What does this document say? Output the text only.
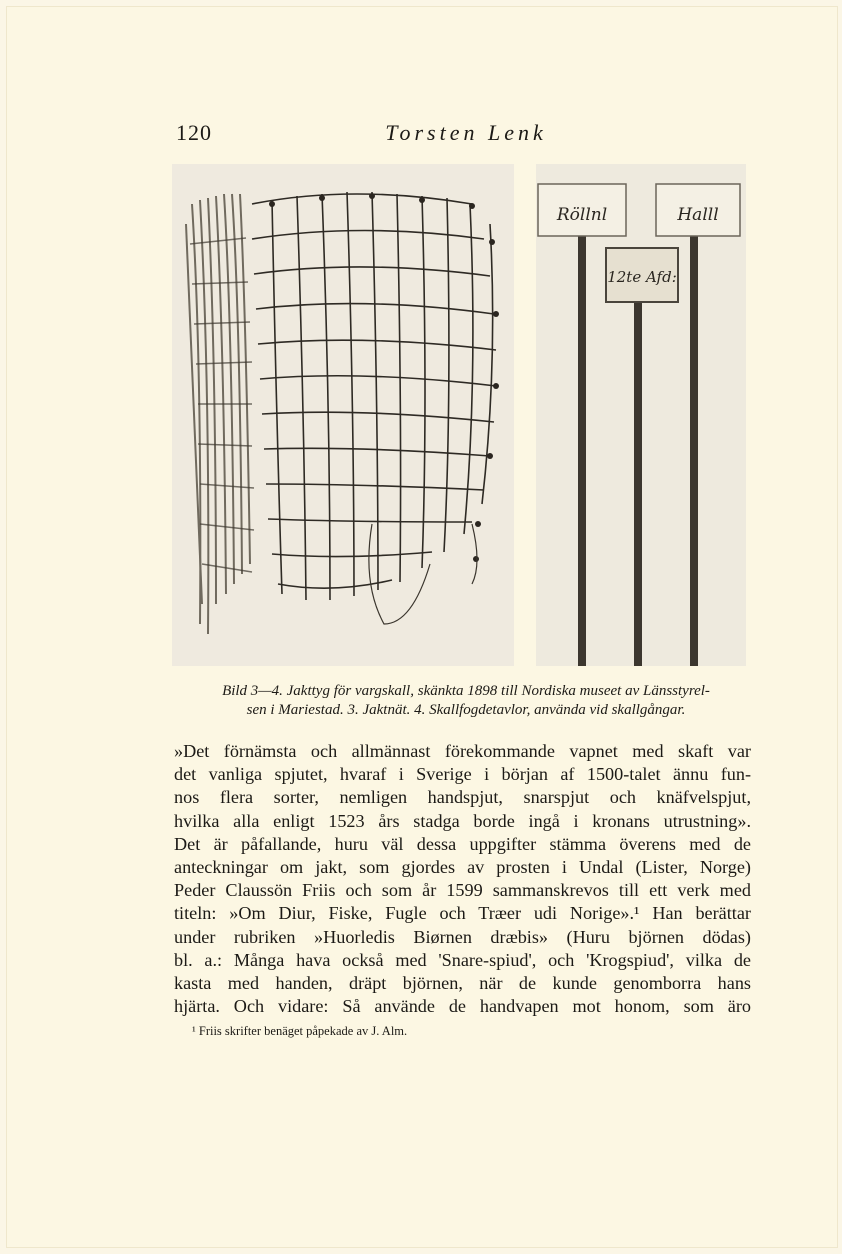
120	Torsten Lenk
Röllnl	Halll
12te Afd:
Bild 3—4. Jakttyg för vargskall, skänkta 1898 till Nordiska museet av Länsstyrel-
sen i Mariestad. 3. Jaktnät. 4. Skallfogdetavlor, använda vid skallgångar.
»Det förnämsta och allmännast förekommande vapnet med skaft var
det vanliga spjutet, hvaraf i Sverige i början af 1500-talet ännu fun-
nos flera sorter, nemligen handspjut, snarspjut och knäfvelspjut,
hvilka alla enligt 1523 års stadga borde ingå i kronans utrustning».
Det är påfallande, huru väl dessa uppgifter stämma överens med de
anteckningar om jakt, som gjordes av prosten i Undal (Lister, Norge)
Peder Claussön Friis och som år 1599 sammanskrevos till ett verk med
titeln: »Om Diur, Fiske, Fugle och Træer udi Norige».¹ Han berättar
under rubriken »Huorledis Biørnen dræbis» (Huru björnen dödas)
bl. a.: Många hava också med 'Snare-spiud', och 'Krogspiud', vilka de
kasta med handen, dräpt björnen, när de kunde genomborra hans
hjärta. Och vidare: Så använde de handvapen mot honom, som äro
¹ Friis skrifter benäget påpekade av J. Alm.
